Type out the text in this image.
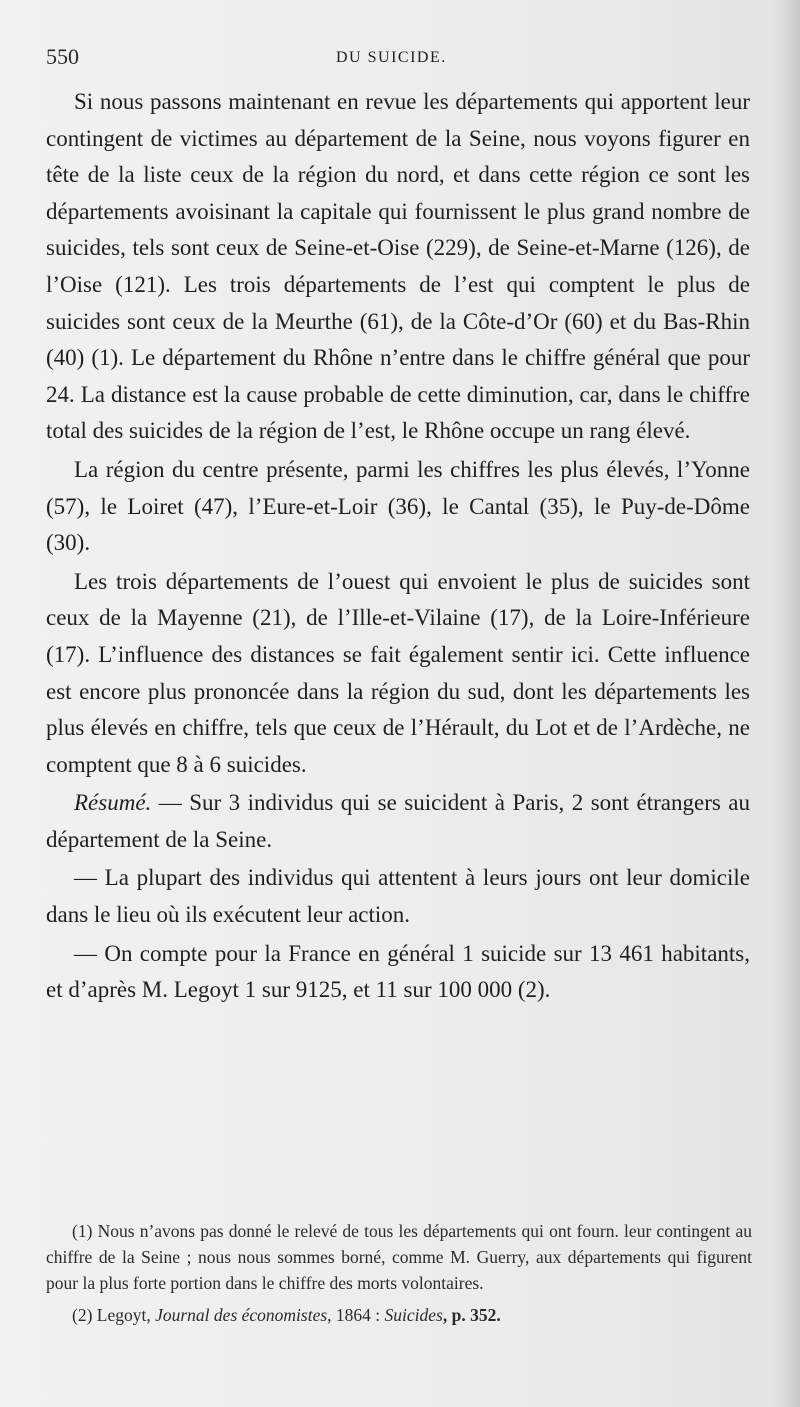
550	DU SUICIDE.

Si nous passons maintenant en revue les départements qui apportent leur contingent de victimes au département de la Seine, nous voyons figurer en tête de la liste ceux de la région du nord, et dans cette région ce sont les départements avoisinant la capitale qui fournissent le plus grand nombre de suicides, tels sont ceux de Seine-et-Oise (229), de Seine-et-Marne (126), de l’Oise (121). Les trois départements de l’est qui comptent le plus de suicides sont ceux de la Meurthe (61), de la Côte-d’Or (60) et du Bas-Rhin (40) (1). Le département du Rhône n’entre dans le chiffre général que pour 24. La distance est la cause probable de cette diminution, car, dans le chiffre total des suicides de la région de l’est, le Rhône occupe un rang élevé.

La région du centre présente, parmi les chiffres les plus élevés, l’Yonne (57), le Loiret (47), l’Eure-et-Loir (36), le Cantal (35), le Puy-de-Dôme (30).

Les trois départements de l’ouest qui envoient le plus de suicides sont ceux de la Mayenne (21), de l’Ille-et-Vilaine (17), de la Loire-Inférieure (17). L’influence des distances se fait également sentir ici. Cette influence est encore plus prononcée dans la région du sud, dont les départements les plus élevés en chiffre, tels que ceux de l’Hérault, du Lot et de l’Ardèche, ne comptent que 8 à 6 suicides.

Résumé. — Sur 3 individus qui se suicident à Paris, 2 sont étrangers au département de la Seine.

— La plupart des individus qui attentent à leurs jours ont leur domicile dans le lieu où ils exécutent leur action.

— On compte pour la France en général 1 suicide sur 13 461 habitants, et d’après M. Legoyt 1 sur 9125, et 11 sur 100 000 (2).

(1) Nous n’avons pas donné le relevé de tous les départements qui ont fourn. leur contingent au chiffre de la Seine ; nous nous sommes borné, comme M. Guerry, aux départements qui figurent pour la plus forte portion dans le chiffre des morts volontaires.

(2) Legoyt, Journal des économistes, 1864 : Suicides, p. 352.
